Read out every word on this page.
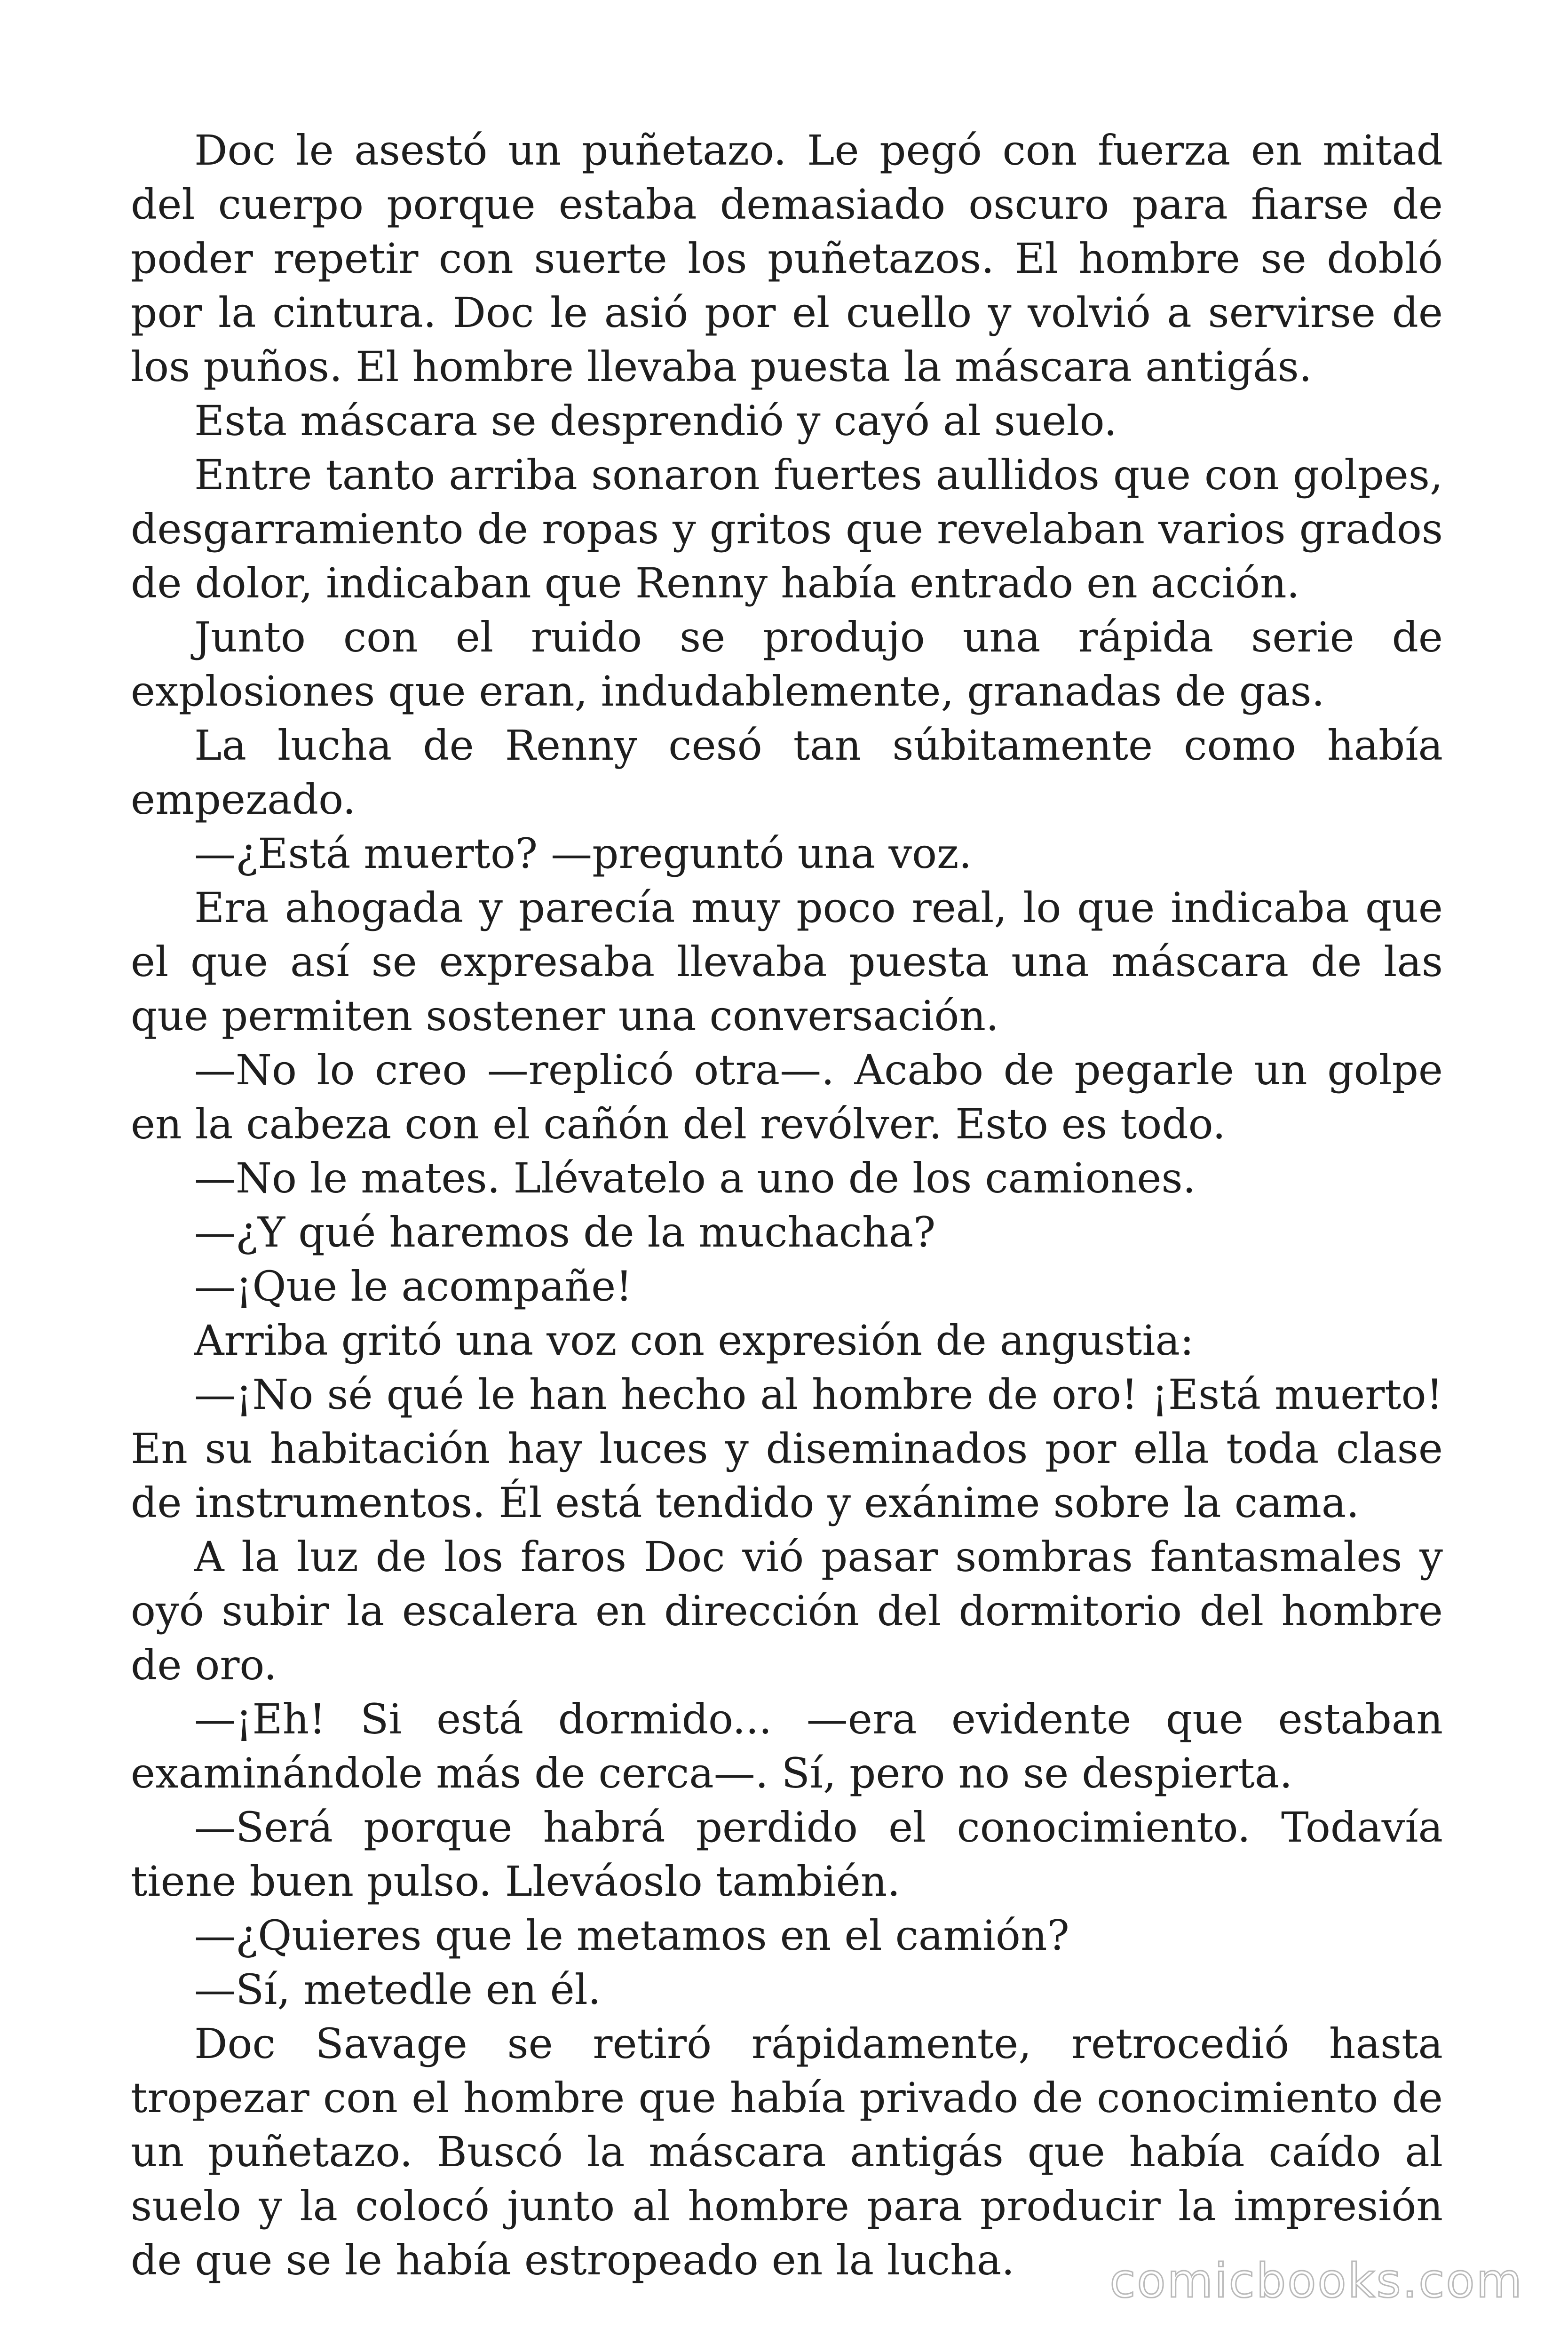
Doc le asestó un puñetazo. Le pegó con fuerza en mitad del cuerpo porque estaba demasiado oscuro para fiarse de poder repetir con suerte los puñetazos. El hombre se dobló por la cintura. Doc le asió por el cuello y volvió a servirse de los puños. El hombre llevaba puesta la máscara antigás.

Esta máscara se desprendió y cayó al suelo.

Entre tanto arriba sonaron fuertes aullidos que con golpes, desgarramiento de ropas y gritos que revelaban varios grados de dolor, indicaban que Renny había entrado en acción.

Junto con el ruido se produjo una rápida serie de explosiones que eran, indudablemente, granadas de gas.

La lucha de Renny cesó tan súbitamente como había empezado.

—¿Está muerto? —preguntó una voz.

Era ahogada y parecía muy poco real, lo que indicaba que el que así se expresaba llevaba puesta una máscara de las que permiten sostener una conversación.

—No lo creo —replicó otra—. Acabo de pegarle un golpe en la cabeza con el cañón del revólver. Esto es todo.

—No le mates. Llévatelo a uno de los camiones.

—¿Y qué haremos de la muchacha?

—¡Que le acompañe!

Arriba gritó una voz con expresión de angustia:

—¡No sé qué le han hecho al hombre de oro! ¡Está muerto! En su habitación hay luces y diseminados por ella toda clase de instrumentos. Él está tendido y exánime sobre la cama.

A la luz de los faros Doc vió pasar sombras fantasmales y oyó subir la escalera en dirección del dormitorio del hombre de oro.

—¡Eh! Si está dormido... —era evidente que estaban examinándole más de cerca—. Sí, pero no se despierta.

—Será porque habrá perdido el conocimiento. Todavía tiene buen pulso. Lleváoslo también.

—¿Quieres que le metamos en el camión?

—Sí, metedle en él.

Doc Savage se retiró rápidamente, retrocedió hasta tropezar con el hombre que había privado de conocimiento de un puñetazo. Buscó la máscara antigás que había caído al suelo y la colocó junto al hombre para producir la impresión de que se le había estropeado en la lucha.	comicbooks.com
